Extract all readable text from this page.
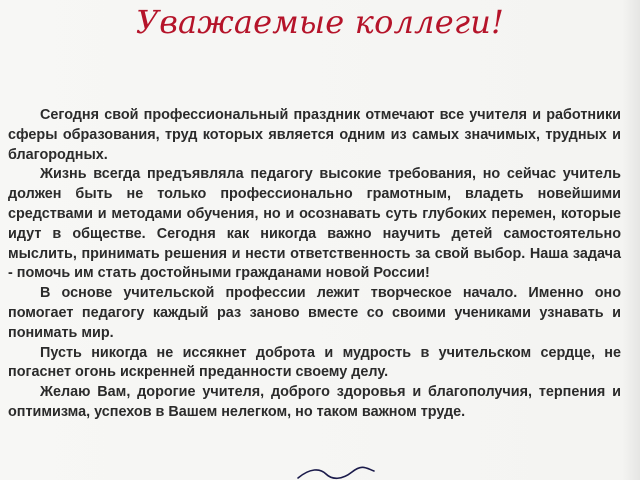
Уважаемые коллеги!

Сегодня свой профессиональный праздник отмечают все учителя и работники сферы образования, труд которых является одним из самых значимых, трудных и благородных.

Жизнь всегда предъявляла педагогу высокие требования, но сейчас учитель должен быть не только профессионально грамотным, владеть новейшими средствами и методами обучения, но и осознавать суть глубоких перемен, которые идут в обществе. Сегодня как никогда важно научить детей самостоятельно мыслить, принимать решения и нести ответственность за свой выбор. Наша задача - помочь им стать достойными гражданами новой России!

В основе учительской профессии лежит творческое начало. Именно оно помогает педагогу каждый раз заново вместе со своими учениками узнавать и понимать мир.

Пусть никогда не иссякнет доброта и мудрость в учительском сердце, не погаснет огонь искренней преданности своему делу.

Желаю Вам, дорогие учителя, доброго здоровья и благополучия, терпения и оптимизма, успехов в Вашем нелегком, но таком важном труде.
